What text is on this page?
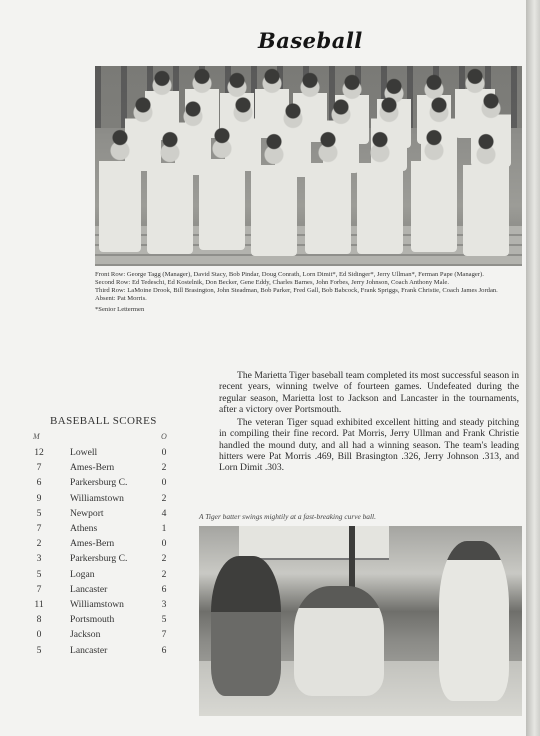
Baseball

Front Row: George Tagg (Manager), David Stacy, Bob Pindar, Doug Conrath, Lorn Dimit*, Ed Sidinger*, Jerry Ullman*, Ferman Pape (Manager).

Second Row: Ed Tedeschi, Ed Kostelnik, Don Becker, Gene Eddy, Charles Barnes, John Forbes, Jerry Johnson, Coach Anthony Male.

Third Row: LaMoine Drook, Bill Brasington, John Steadman, Bob Parker, Fred Gall, Bob Babcock, Frank Spriggs, Frank Christie, Coach James Jordan.

Absent: Pat Morris.

*Senior Lettermen

The Marietta Tiger baseball team completed its most successful season in recent years, winning twelve of fourteen games. Undefeated during the regular season, Marietta lost to Jackson and Lancaster in the tournaments, after a victory over Portsmouth.

The veteran Tiger squad exhibited excellent hitting and steady pitching in compiling their fine record. Pat Morris, Jerry Ullman and Frank Christie handled the mound duty, and all had a winning season. The team's leading hitters were Pat Morris .469, Bill Brasington .326, Jerry Johnson .313, and Lorn Dimit .303.

BASEBALL SCORES
M	O
12	Lowell	0
7	Ames-Bern	2
6	Parkersburg C.	0
9	Williamstown	2
5	Newport	4
7	Athens	1
2	Ames-Bern	0
3	Parkersburg C.	2
5	Logan	2
7	Lancaster	6
11	Williamstown	3
8	Portsmouth	5
0	Jackson	7
5	Lancaster	6
A Tiger batter swings mightily at a fast-breaking curve ball.
